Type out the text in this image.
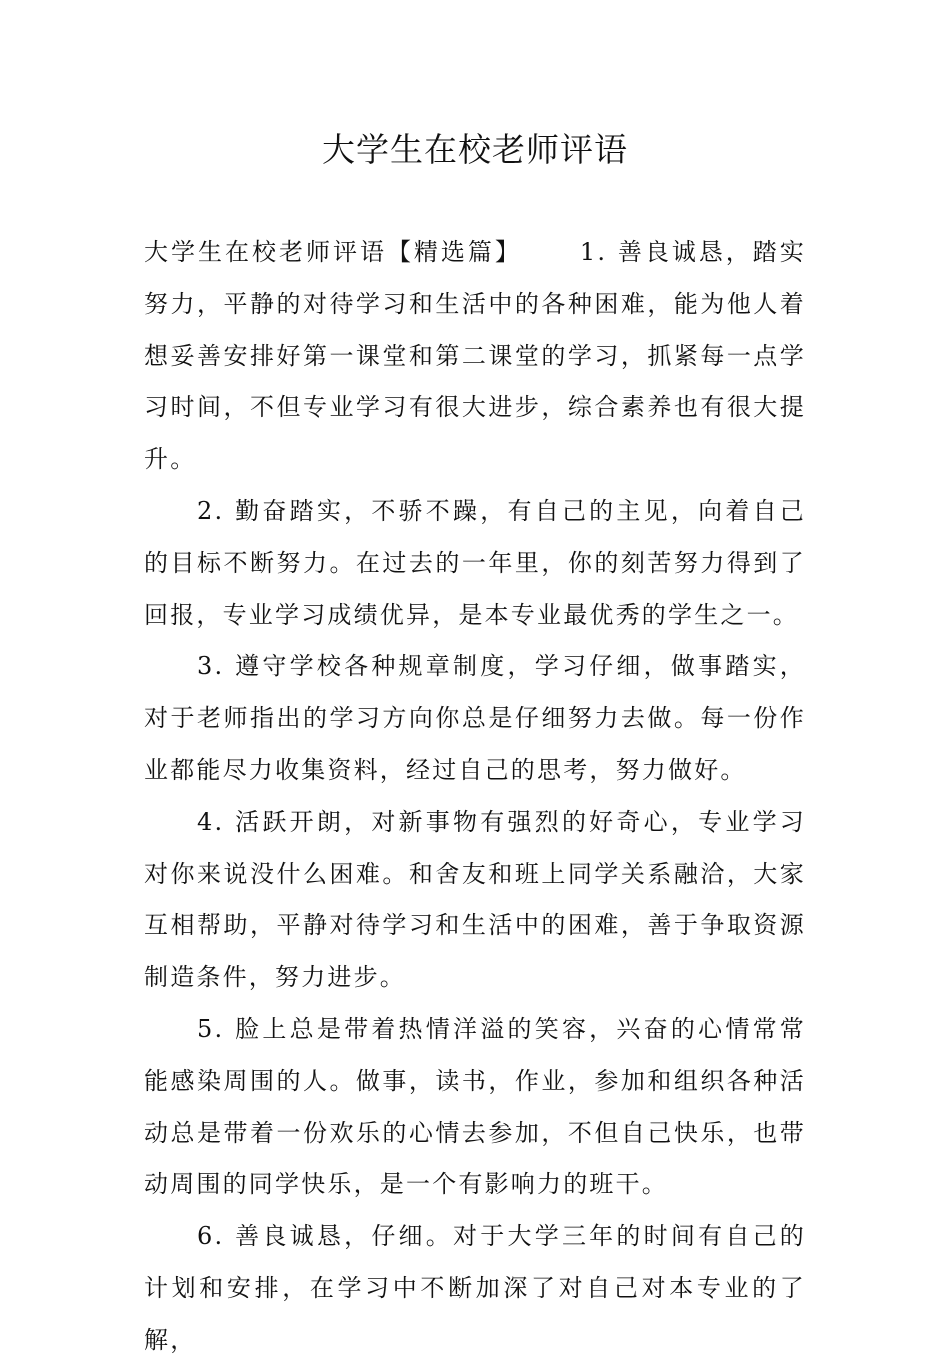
大学生在校老师评语

大学生在校老师评语【精选篇】 1. 善良诚恳，踏实努力，平静的对待学习和生活中的各种困难，能为他人着想妥善安排好第一课堂和第二课堂的学习，抓紧每一点学习时间，不但专业学习有很大进步，综合素养也有很大提升。

2. 勤奋踏实，不骄不躁，有自己的主见，向着自己的目标不断努力。在过去的一年里，你的刻苦努力得到了回报，专业学习成绩优异，是本专业最优秀的学生之一。

3. 遵守学校各种规章制度，学习仔细，做事踏实，对于老师指出的学习方向你总是仔细努力去做。每一份作业都能尽力收集资料，经过自己的思考，努力做好。

4. 活跃开朗，对新事物有强烈的好奇心，专业学习对你来说没什么困难。和舍友和班上同学关系融洽，大家互相帮助，平静对待学习和生活中的困难，善于争取资源制造条件，努力进步。

5. 脸上总是带着热情洋溢的笑容，兴奋的心情常常能感染周围的人。做事，读书，作业，参加和组织各种活动总是带着一份欢乐的心情去参加，不但自己快乐，也带动周围的同学快乐，是一个有影响力的班干。

6. 善良诚恳，仔细。对于大学三年的时间有自己的计划和安排，在学习中不断加深了对自己对本专业的了解，
